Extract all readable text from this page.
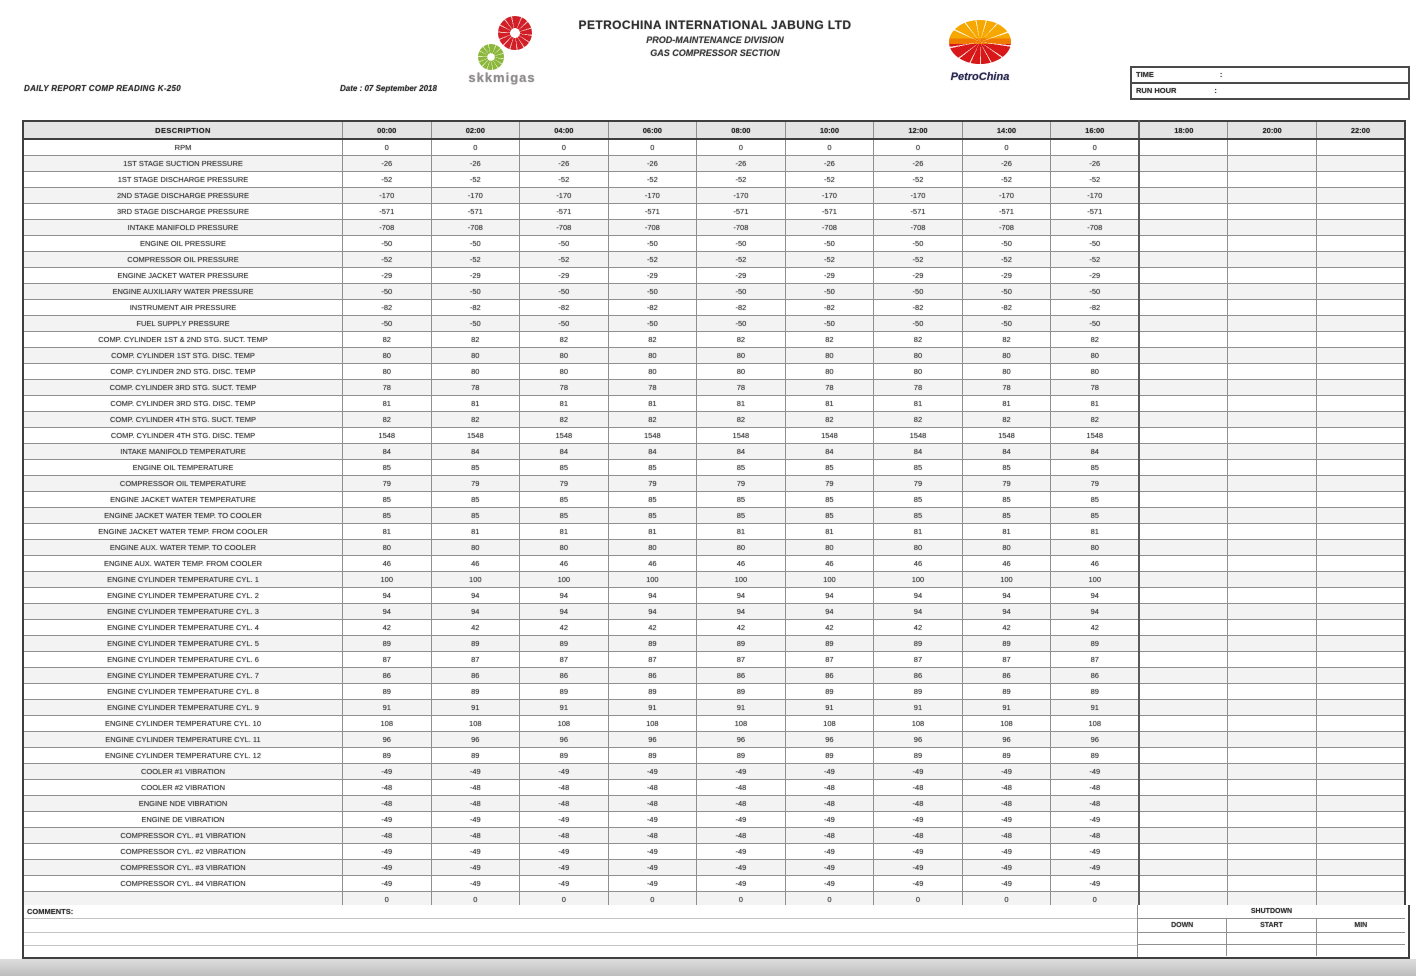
skkmigas
PETROCHINA INTERNATIONAL JABUNG LTD
PROD-MAINTENANCE DIVISION
GAS COMPRESSOR SECTION
PetroChina	TIME	:
RUN HOUR	:
DAILY REPORT COMP READING K-250	Date : 07 September 2018
DESCRIPTION	00:00	02:00	04:00	06:00	08:00	10:00	12:00	14:00	16:00	18:00	20:00	22:00
RPM	0	0	0	0	0	0	0	0	0			
1ST STAGE SUCTION PRESSURE	-26	-26	-26	-26	-26	-26	-26	-26	-26			
1ST STAGE DISCHARGE PRESSURE	-52	-52	-52	-52	-52	-52	-52	-52	-52			
2ND STAGE DISCHARGE PRESSURE	-170	-170	-170	-170	-170	-170	-170	-170	-170			
3RD STAGE DISCHARGE PRESSURE	-571	-571	-571	-571	-571	-571	-571	-571	-571			
INTAKE MANIFOLD PRESSURE	-708	-708	-708	-708	-708	-708	-708	-708	-708			
ENGINE OIL PRESSURE	-50	-50	-50	-50	-50	-50	-50	-50	-50			
COMPRESSOR OIL PRESSURE	-52	-52	-52	-52	-52	-52	-52	-52	-52			
ENGINE JACKET WATER PRESSURE	-29	-29	-29	-29	-29	-29	-29	-29	-29			
ENGINE AUXILIARY WATER PRESSURE	-50	-50	-50	-50	-50	-50	-50	-50	-50			
INSTRUMENT AIR PRESSURE	-82	-82	-82	-82	-82	-82	-82	-82	-82			
FUEL SUPPLY PRESSURE	-50	-50	-50	-50	-50	-50	-50	-50	-50			
COMP. CYLINDER 1ST & 2ND STG. SUCT. TEMP	82	82	82	82	82	82	82	82	82			
COMP. CYLINDER 1ST STG. DISC. TEMP	80	80	80	80	80	80	80	80	80			
COMP. CYLINDER 2ND STG. DISC. TEMP	80	80	80	80	80	80	80	80	80			
COMP. CYLINDER 3RD STG. SUCT. TEMP	78	78	78	78	78	78	78	78	78			
COMP. CYLINDER 3RD STG. DISC. TEMP	81	81	81	81	81	81	81	81	81			
COMP. CYLINDER 4TH STG. SUCT. TEMP	82	82	82	82	82	82	82	82	82			
COMP. CYLINDER 4TH STG. DISC. TEMP	1548	1548	1548	1548	1548	1548	1548	1548	1548			
INTAKE MANIFOLD TEMPERATURE	84	84	84	84	84	84	84	84	84			
ENGINE OIL TEMPERATURE	85	85	85	85	85	85	85	85	85			
COMPRESSOR OIL TEMPERATURE	79	79	79	79	79	79	79	79	79			
ENGINE JACKET WATER TEMPERATURE	85	85	85	85	85	85	85	85	85			
ENGINE JACKET WATER TEMP. TO COOLER	85	85	85	85	85	85	85	85	85			
ENGINE JACKET WATER TEMP. FROM COOLER	81	81	81	81	81	81	81	81	81			
ENGINE AUX. WATER TEMP. TO COOLER	80	80	80	80	80	80	80	80	80			
ENGINE AUX. WATER TEMP. FROM COOLER	46	46	46	46	46	46	46	46	46			
ENGINE CYLINDER TEMPERATURE CYL. 1	100	100	100	100	100	100	100	100	100			
ENGINE CYLINDER TEMPERATURE CYL. 2	94	94	94	94	94	94	94	94	94			
ENGINE CYLINDER TEMPERATURE CYL. 3	94	94	94	94	94	94	94	94	94			
ENGINE CYLINDER TEMPERATURE CYL. 4	42	42	42	42	42	42	42	42	42			
ENGINE CYLINDER TEMPERATURE CYL. 5	89	89	89	89	89	89	89	89	89			
ENGINE CYLINDER TEMPERATURE CYL. 6	87	87	87	87	87	87	87	87	87			
ENGINE CYLINDER TEMPERATURE CYL. 7	86	86	86	86	86	86	86	86	86			
ENGINE CYLINDER TEMPERATURE CYL. 8	89	89	89	89	89	89	89	89	89			
ENGINE CYLINDER TEMPERATURE CYL. 9	91	91	91	91	91	91	91	91	91			
ENGINE CYLINDER TEMPERATURE CYL. 10	108	108	108	108	108	108	108	108	108			
ENGINE CYLINDER TEMPERATURE CYL. 11	96	96	96	96	96	96	96	96	96			
ENGINE CYLINDER TEMPERATURE CYL. 12	89	89	89	89	89	89	89	89	89			
COOLER #1 VIBRATION	-49	-49	-49	-49	-49	-49	-49	-49	-49			
COOLER #2 VIBRATION	-48	-48	-48	-48	-48	-48	-48	-48	-48			
ENGINE NDE VIBRATION	-48	-48	-48	-48	-48	-48	-48	-48	-48			
ENGINE DE VIBRATION	-49	-49	-49	-49	-49	-49	-49	-49	-49			
COMPRESSOR CYL. #1 VIBRATION	-48	-48	-48	-48	-48	-48	-48	-48	-48			
COMPRESSOR CYL. #2 VIBRATION	-49	-49	-49	-49	-49	-49	-49	-49	-49			
COMPRESSOR CYL. #3 VIBRATION	-49	-49	-49	-49	-49	-49	-49	-49	-49			
COMPRESSOR CYL. #4 VIBRATION	-49	-49	-49	-49	-49	-49	-49	-49	-49			
	0	0	0	0	0	0	0	0	0			
COMMENTS:	SHUTDOWN
DOWN	START	MIN
